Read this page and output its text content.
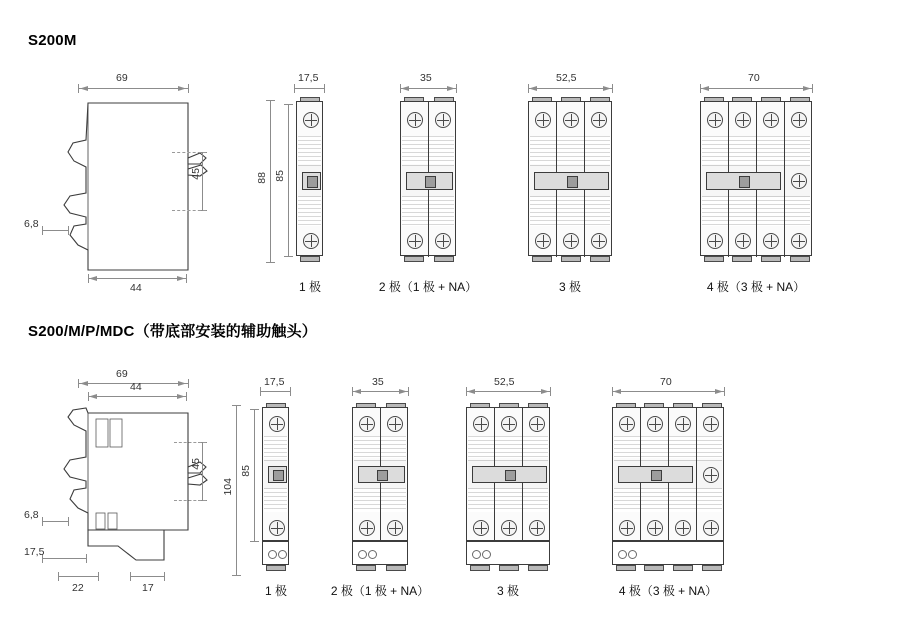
S200M
69
45
6,8
44
17,5
88 85
1 极
35
2 极（1 极 + NA）
52,5
3 极
70
4 极（3 极 + NA）
S200/M/P/MDC（带底部安装的辅助触头）
69
44
45
6,8
17,5
22	17
17,5
104
85
1 极
35
2 极（1 极 + NA）
52,5
3 极
70
4 极（3 极 + NA）
